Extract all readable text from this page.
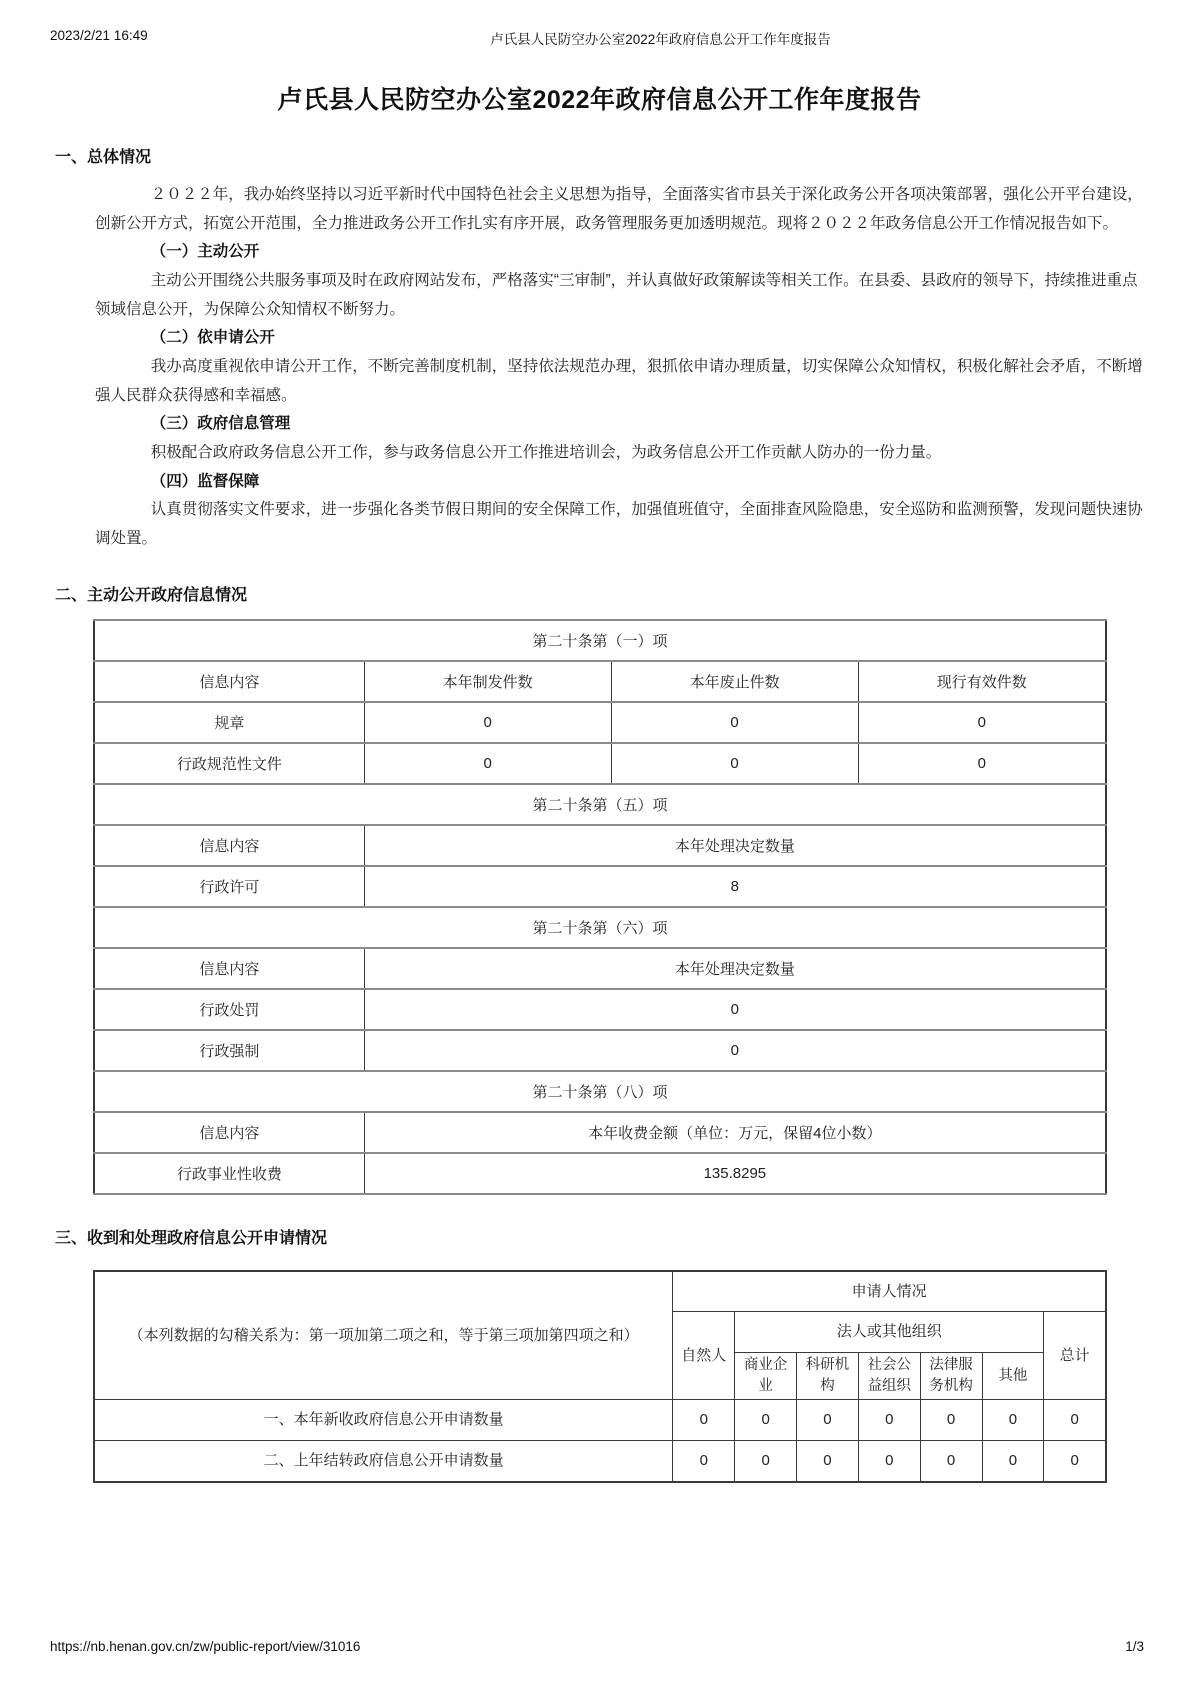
2023/2/21 16:49	卢氏县人民防空办公室2022年政府信息公开工作年度报告
卢氏县人民防空办公室2022年政府信息公开工作年度报告
一、总体情况

２０２２年，我办始终坚持以习近平新时代中国特色社会主义思想为指导，全面落实省市县关于深化政务公开各项决策部署，强化公开平台建设，创新公开方式，拓宽公开范围，全力推进政务公开工作扎实有序开展，政务管理服务更加透明规范。现将２０２２年政务信息公开工作情况报告如下。

（一）主动公开

主动公开围绕公共服务事项及时在政府网站发布，严格落实“三审制”，并认真做好政策解读等相关工作。在县委、县政府的领导下，持续推进重点领域信息公开，为保障公众知情权不断努力。

（二）依申请公开

我办高度重视依申请公开工作，不断完善制度机制，坚持依法规范办理，狠抓依申请办理质量，切实保障公众知情权，积极化解社会矛盾，不断增强人民群众获得感和幸福感。

（三）政府信息管理

积极配合政府政务信息公开工作，参与政务信息公开工作推进培训会，为政务信息公开工作贡献人防办的一份力量。

（四）监督保障

认真贯彻落实文件要求，进一步强化各类节假日期间的安全保障工作，加强值班值守，全面排查风险隐患，安全巡防和监测预警，发现问题快速协调处置。

二、主动公开政府信息情况
第二十条第（一）项			
信息内容	本年制发件数	本年废止件数	现行有效件数
规章	0	0	0
行政规范性文件	0	0	0
第二十条第（五）项			
信息内容	本年处理决定数量		
行政许可	8		
第二十条第（六）项			
信息内容	本年处理决定数量		
行政处罚	0		
行政强制	0		
第二十条第（八）项			
信息内容	本年收费金额（单位：万元，保留4位小数）		
行政事业性收费	135.8295		
三、收到和处理政府信息公开申请情况
（本列数据的勾稽关系为：第一项加第二项之和，等于第三项加第四项之和）	申请人情况						
	自然人	法人或其他组织					总计
		商业企业	科研机构	社会公益组织	法律服务机构	其他	
一、本年新收政府信息公开申请数量	0	0	0	0	0	0	0
二、上年结转政府信息公开申请数量	0	0	0	0	0	0	0
https://nb.henan.gov.cn/zw/public-report/view/31016	1/3
